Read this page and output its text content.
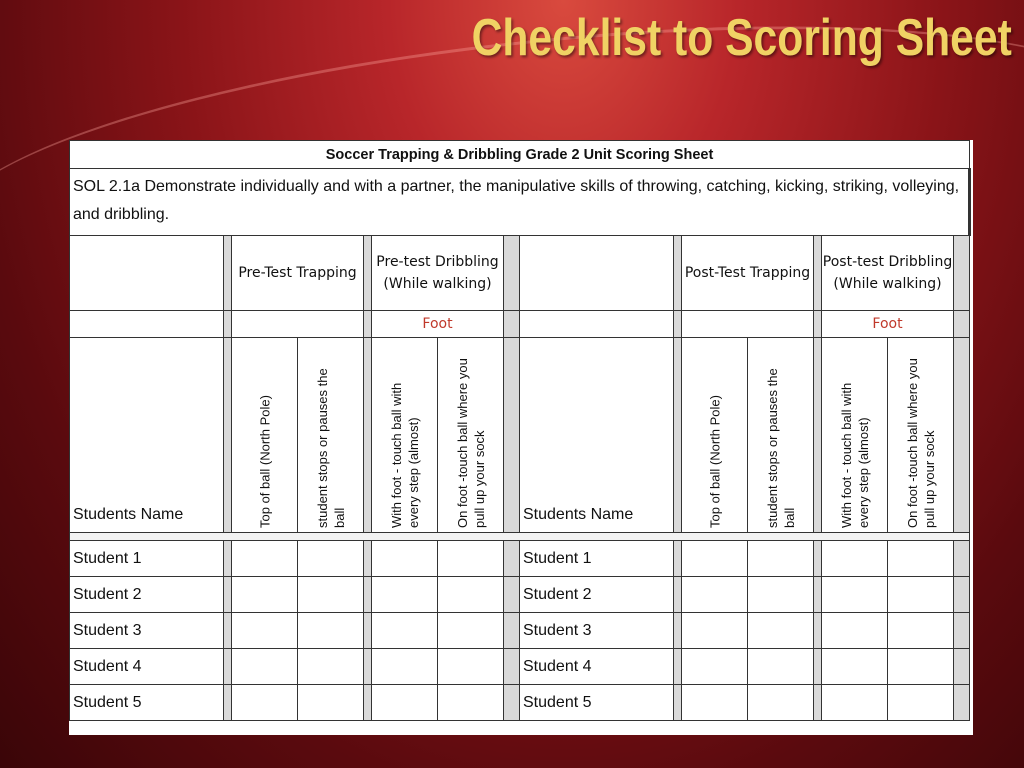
Checklist to Scoring Sheet
Soccer Trapping & Dribbling Grade 2 Unit Scoring Sheet															
SOL 2.1a Demonstrate individually and with a partner, the manipulative skills of throwing, catching, kicking, striking, volleying, and dribbling.															
		Pre-Test Trapping			Pre-test Dribbling (While walking)					Post-Test Trapping			Post-test Dribbling (While walking)		
					Foot								Foot		
Students Name		Top of ball (North Pole)	student stops or pauses the ball		With foot - touch ball with every step (almost)	On foot -touch ball where you pull up your sock		Students Name		Top of ball (North Pole)	student stops or pauses the ball		With foot - touch ball with every step (almost)	On foot -touch ball where you pull up your sock	

Student 1								Student 1							
Student 2								Student 2							
Student 3								Student 3							
Student 4								Student 4							
Student 5								Student 5							
